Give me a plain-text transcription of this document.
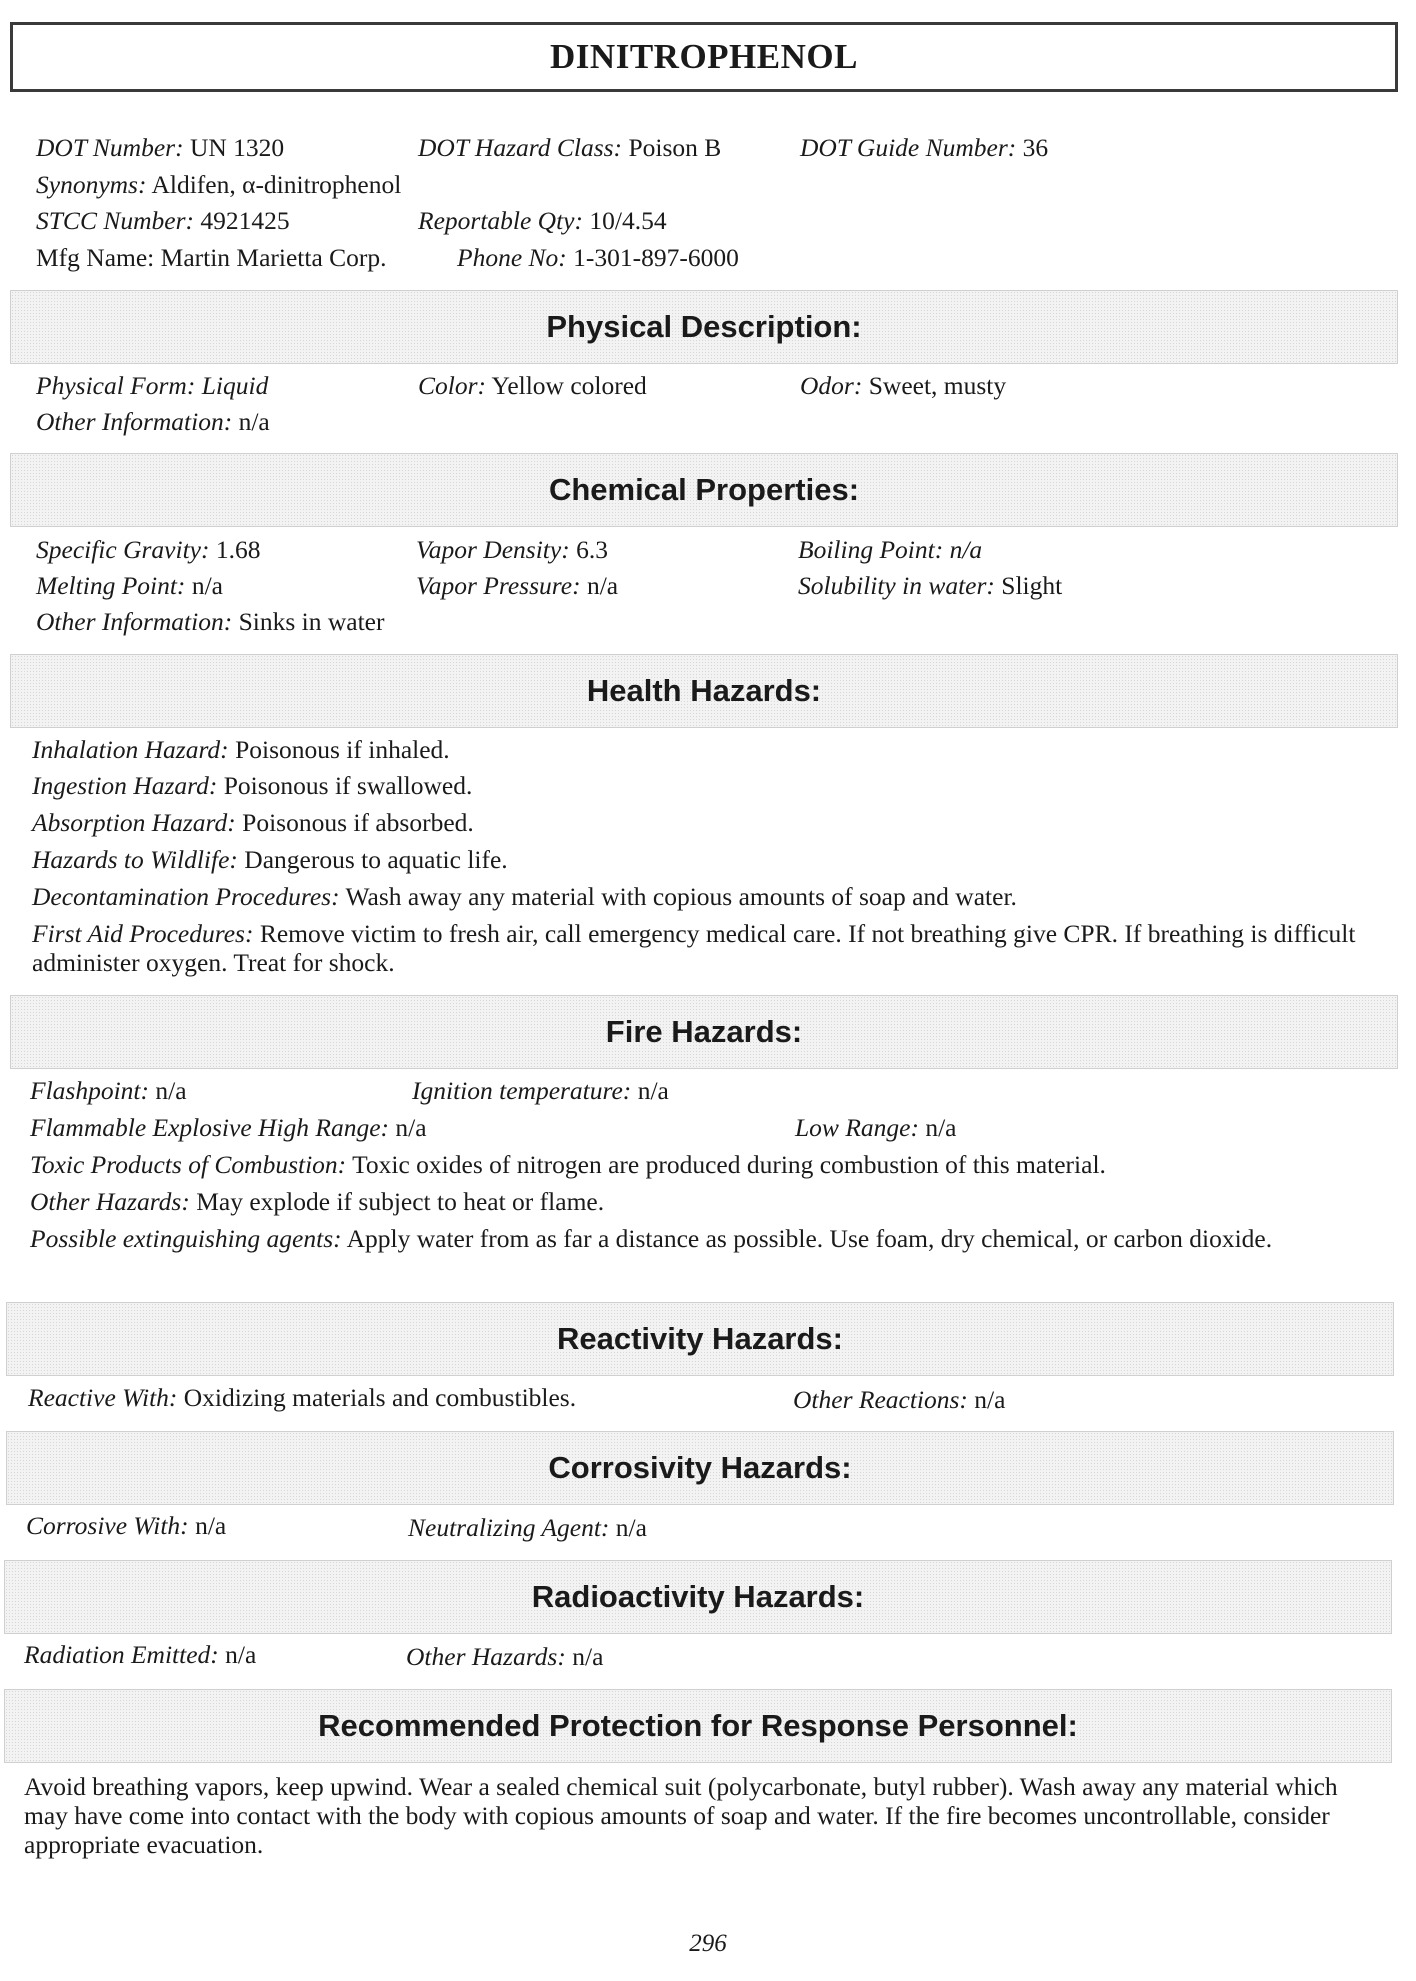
DINITROPHENOL
DOT Number: UN 1320	DOT Hazard Class: Poison B	DOT Guide Number: 36
Synonyms: Aldifen, α-dinitrophenol
STCC Number: 4921425	Reportable Qty: 10/4.54
Mfg Name: Martin Marietta Corp.	Phone No: 1-301-897-6000
Physical Description:
Physical Form: Liquid	Color: Yellow colored	Odor: Sweet, musty
Other Information: n/a
Chemical Properties:
Specific Gravity: 1.68	Vapor Density: 6.3	Boiling Point: n/a
Melting Point: n/a	Vapor Pressure: n/a	Solubility in water: Slight
Other Information: Sinks in water
Health Hazards:
Inhalation Hazard: Poisonous if inhaled.
Ingestion Hazard: Poisonous if swallowed.
Absorption Hazard: Poisonous if absorbed.
Hazards to Wildlife: Dangerous to aquatic life.
Decontamination Procedures: Wash away any material with copious amounts of soap and water.
First Aid Procedures: Remove victim to fresh air, call emergency medical care. If not breathing give CPR. If breathing is difficult administer oxygen. Treat for shock.
Fire Hazards:
Flashpoint: n/a	Ignition temperature: n/a
Flammable Explosive High Range: n/a	Low Range: n/a
Toxic Products of Combustion: Toxic oxides of nitrogen are produced during combustion of this material.
Other Hazards: May explode if subject to heat or flame.
Possible extinguishing agents: Apply water from as far a distance as possible. Use foam, dry chemical, or carbon dioxide.
Reactivity Hazards:
Reactive With: Oxidizing materials and combustibles.	Other Reactions: n/a
Corrosivity Hazards:
Corrosive With: n/a	Neutralizing Agent: n/a
Radioactivity Hazards:
Radiation Emitted: n/a	Other Hazards: n/a
Recommended Protection for Response Personnel:
Avoid breathing vapors, keep upwind. Wear a sealed chemical suit (polycarbonate, butyl rubber). Wash away any material which may have come into contact with the body with copious amounts of soap and water. If the fire becomes uncontrollable, consider appropriate evacuation.
296
